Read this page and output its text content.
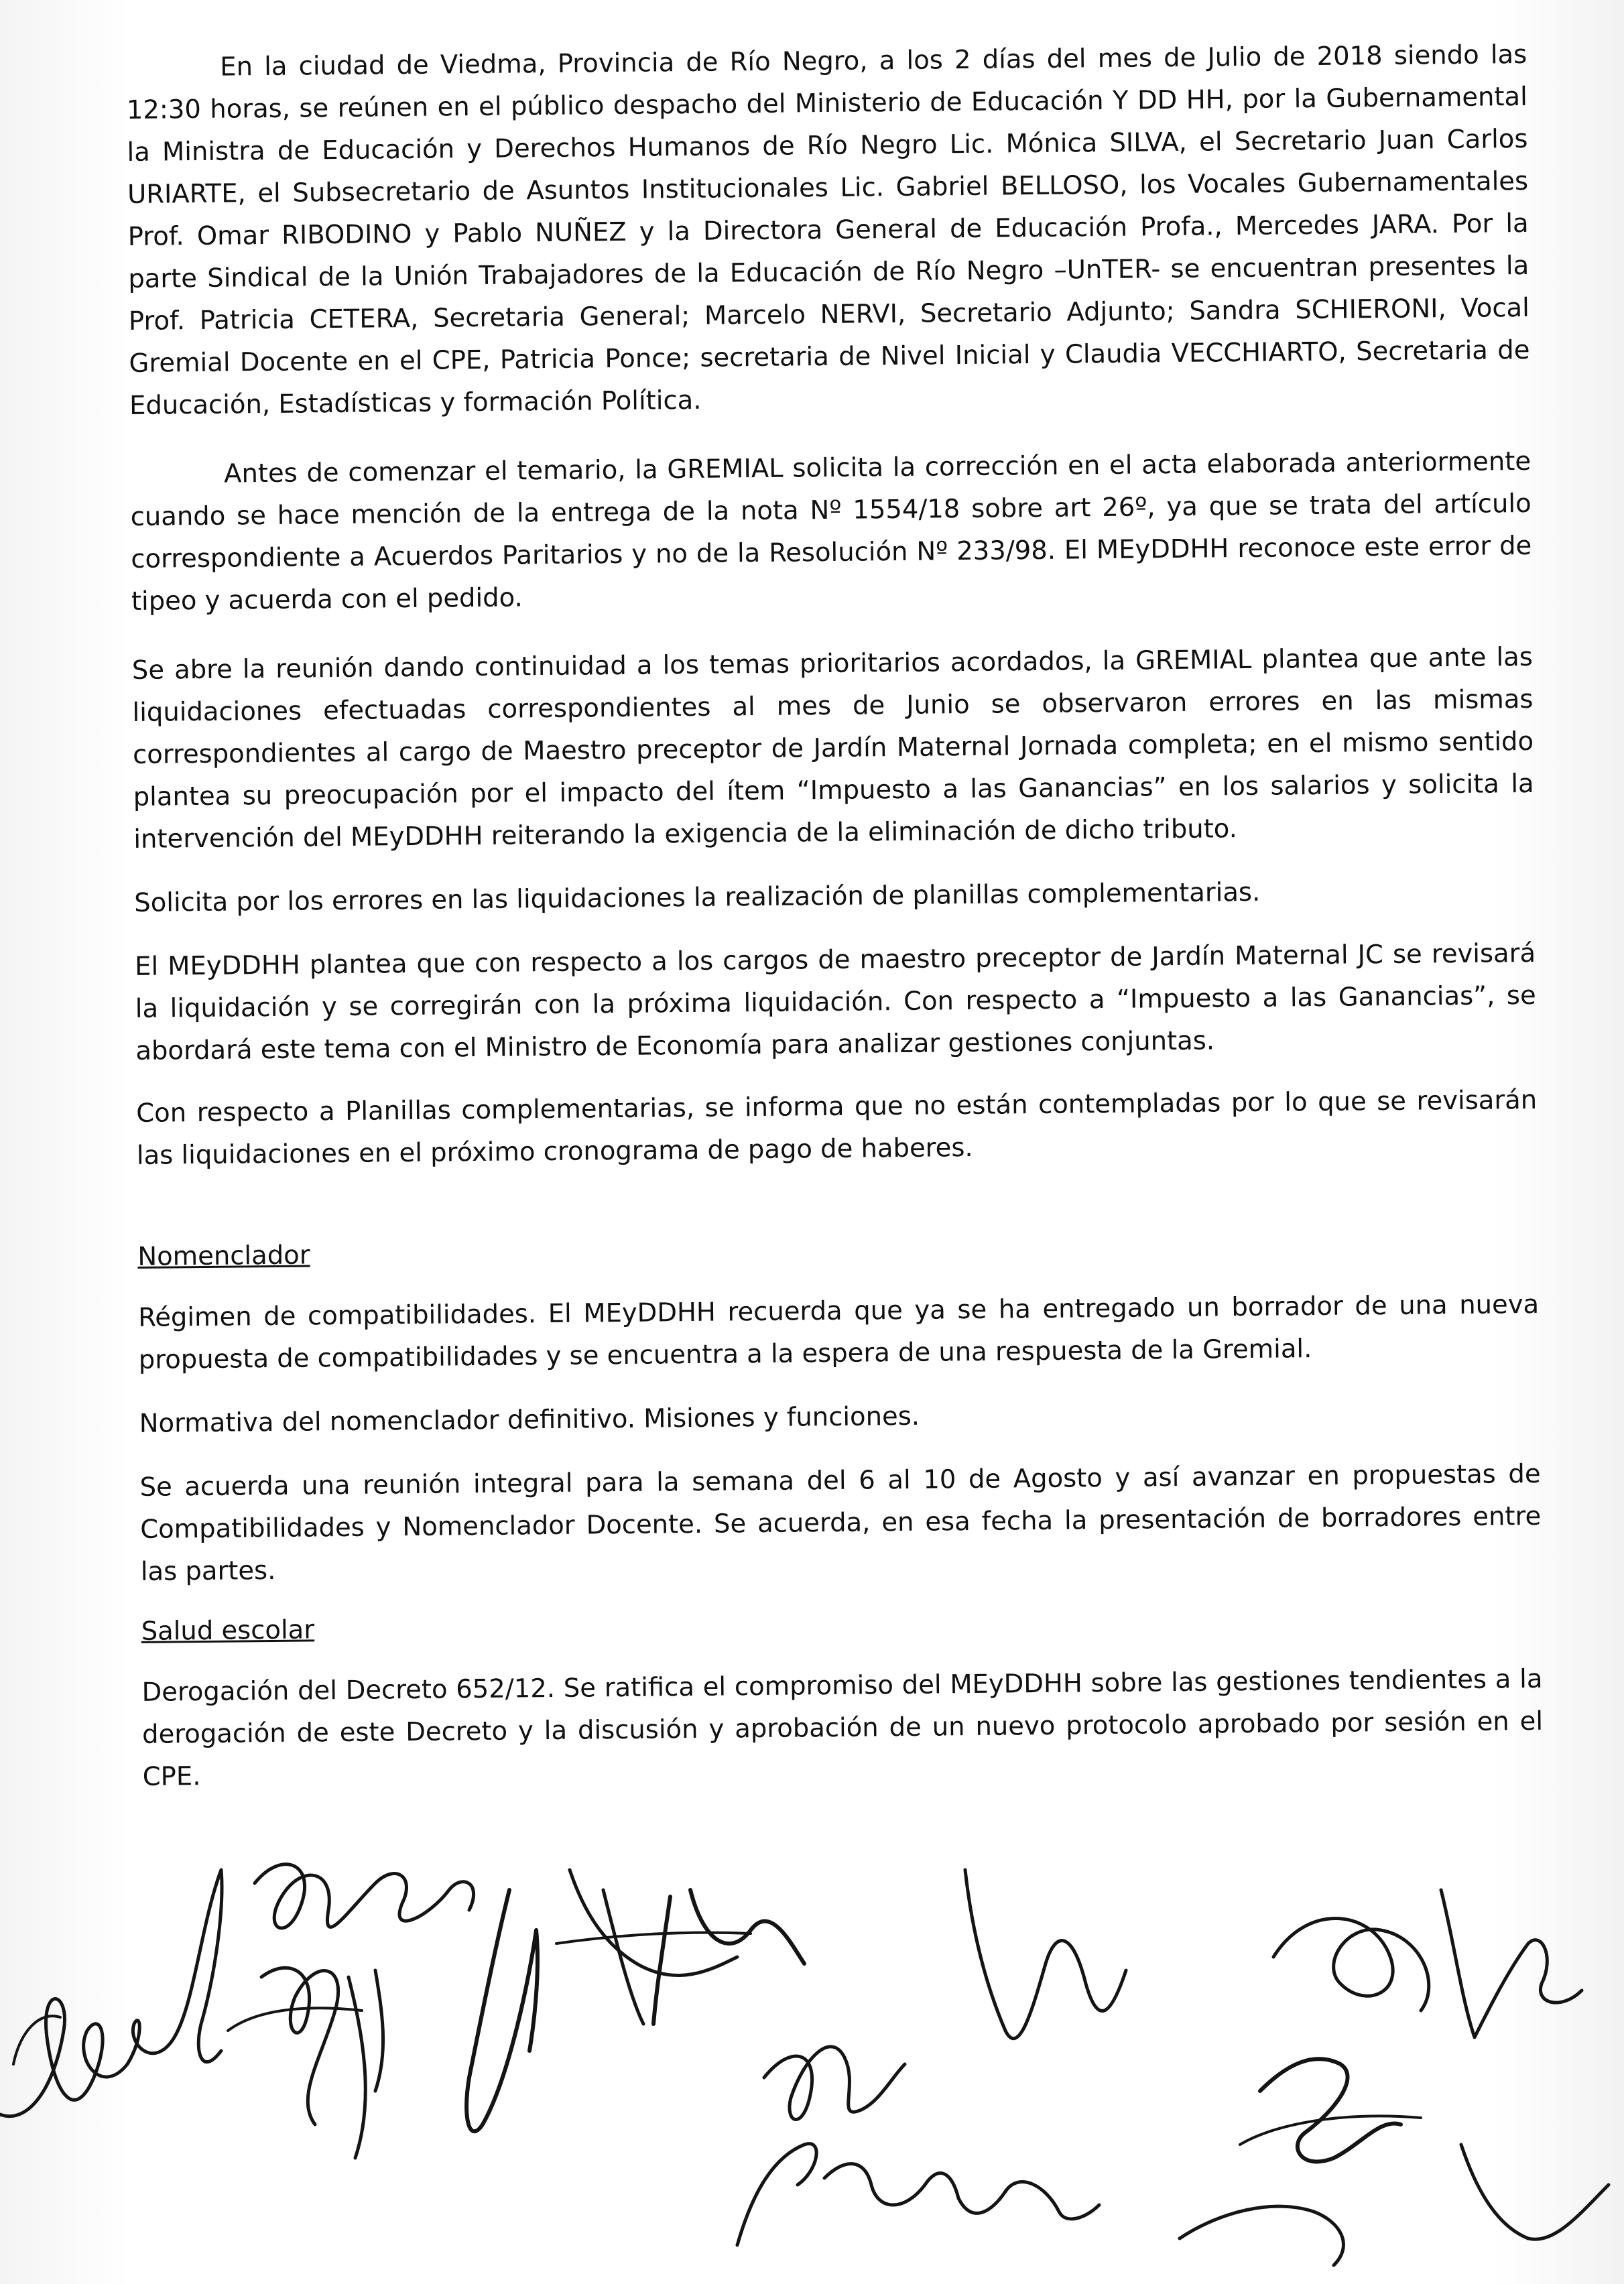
En la ciudad de Viedma, Provincia de Río Negro, a los 2 días del mes de Julio de 2018 siendo las 12:30 horas, se reúnen en el público despacho del Ministerio de Educación Y DD HH, por la Gubernamental la Ministra de Educación y Derechos Humanos de Río Negro Lic. Mónica SILVA, el Secretario Juan Carlos URIARTE, el Subsecretario de Asuntos Institucionales Lic. Gabriel BELLOSO, los Vocales Gubernamentales Prof. Omar RIBODINO y Pablo NUÑEZ y la Directora General de Educación Profa., Mercedes JARA. Por la parte Sindical de la Unión Trabajadores de la Educación de Río Negro –UnTER- se encuentran presentes la Prof. Patricia CETERA, Secretaria General; Marcelo NERVI, Secretario Adjunto; Sandra SCHIERONI, Vocal Gremial Docente en el CPE, Patricia Ponce; secretaria de Nivel Inicial y Claudia VECCHIARTO, Secretaria de Educación, Estadísticas y formación Política.

Antes de comenzar el temario, la GREMIAL solicita la corrección en el acta elaborada anteriormente cuando se hace mención de la entrega de la nota Nº 1554/18 sobre art 26º, ya que se trata del artículo correspondiente a Acuerdos Paritarios y no de la Resolución Nº 233/98. El MEyDDHH reconoce este error de tipeo y acuerda con el pedido.

Se abre la reunión dando continuidad a los temas prioritarios acordados, la GREMIAL plantea que ante las liquidaciones efectuadas correspondientes al mes de Junio se observaron errores en las mismas correspondientes al cargo de Maestro preceptor de Jardín Maternal Jornada completa; en el mismo sentido plantea su preocupación por el impacto del ítem “Impuesto a las Ganancias” en los salarios y solicita la intervención del MEyDDHH reiterando la exigencia de la eliminación de dicho tributo.

Solicita por los errores en las liquidaciones la realización de planillas complementarias.

El MEyDDHH plantea que con respecto a los cargos de maestro preceptor de Jardín Maternal JC se revisará la liquidación y se corregirán con la próxima liquidación. Con respecto a “Impuesto a las Ganancias”, se abordará este tema con el Ministro de Economía para analizar gestiones conjuntas.

Con respecto a Planillas complementarias, se informa que no están contempladas por lo que se revisarán las liquidaciones en el próximo cronograma de pago de haberes.

Nomenclador

Régimen de compatibilidades. El MEyDDHH recuerda que ya se ha entregado un borrador de una nueva propuesta de compatibilidades y se encuentra a la espera de una respuesta de la Gremial.

Normativa del nomenclador definitivo. Misiones y funciones.

Se acuerda una reunión integral para la semana del 6 al 10 de Agosto y así avanzar en propuestas de Compatibilidades y Nomenclador Docente. Se acuerda, en esa fecha la presentación de borradores entre las partes.

Salud escolar

Derogación del Decreto 652/12. Se ratifica el compromiso del MEyDDHH sobre las gestiones tendientes a la derogación de este Decreto y la discusión y aprobación de un nuevo protocolo aprobado por sesión en el CPE.
